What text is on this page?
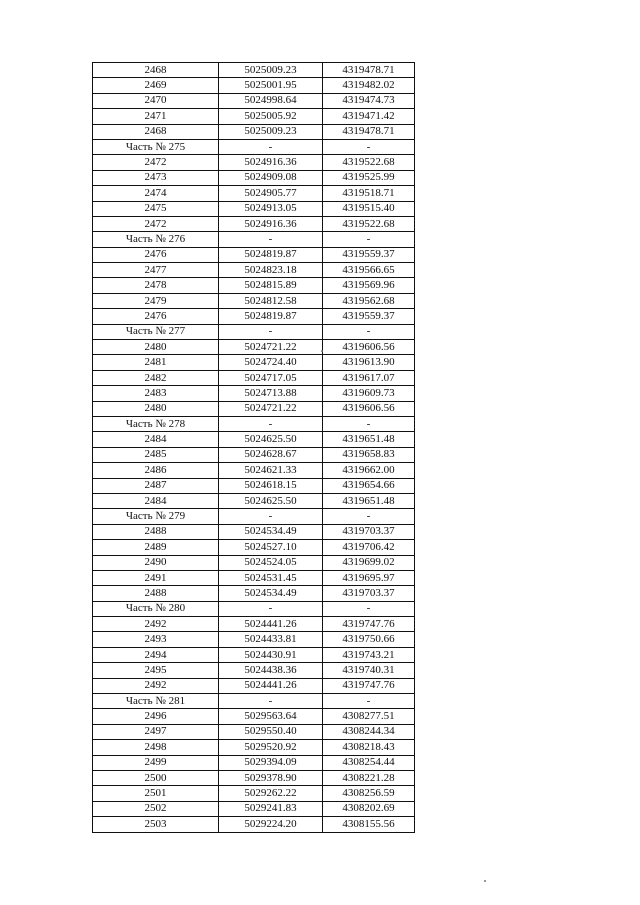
2468	5025009.23	4319478.71
2469	5025001.95	4319482.02
2470	5024998.64	4319474.73
2471	5025005.92	4319471.42
2468	5025009.23	4319478.71
Часть № 275	-	-
2472	5024916.36	4319522.68
2473	5024909.08	4319525.99
2474	5024905.77	4319518.71
2475	5024913.05	4319515.40
2472	5024916.36	4319522.68
Часть № 276	-	-
2476	5024819.87	4319559.37
2477	5024823.18	4319566.65
2478	5024815.89	4319569.96
2479	5024812.58	4319562.68
2476	5024819.87	4319559.37
Часть № 277	-	-
2480	5024721.22	4319606.56
2481	5024724.40	4319613.90
2482	5024717.05	4319617.07
2483	5024713.88	4319609.73
2480	5024721.22	4319606.56
Часть № 278	-	-
2484	5024625.50	4319651.48
2485	5024628.67	4319658.83
2486	5024621.33	4319662.00
2487	5024618.15	4319654.66
2484	5024625.50	4319651.48
Часть № 279	-	-
2488	5024534.49	4319703.37
2489	5024527.10	4319706.42
2490	5024524.05	4319699.02
2491	5024531.45	4319695.97
2488	5024534.49	4319703.37
Часть № 280	-	-
2492	5024441.26	4319747.76
2493	5024433.81	4319750.66
2494	5024430.91	4319743.21
2495	5024438.36	4319740.31
2492	5024441.26	4319747.76
Часть № 281	-	-
2496	5029563.64	4308277.51
2497	5029550.40	4308244.34
2498	5029520.92	4308218.43
2499	5029394.09	4308254.44
2500	5029378.90	4308221.28
2501	5029262.22	4308256.59
2502	5029241.83	4308202.69
2503	5029224.20	4308155.56
